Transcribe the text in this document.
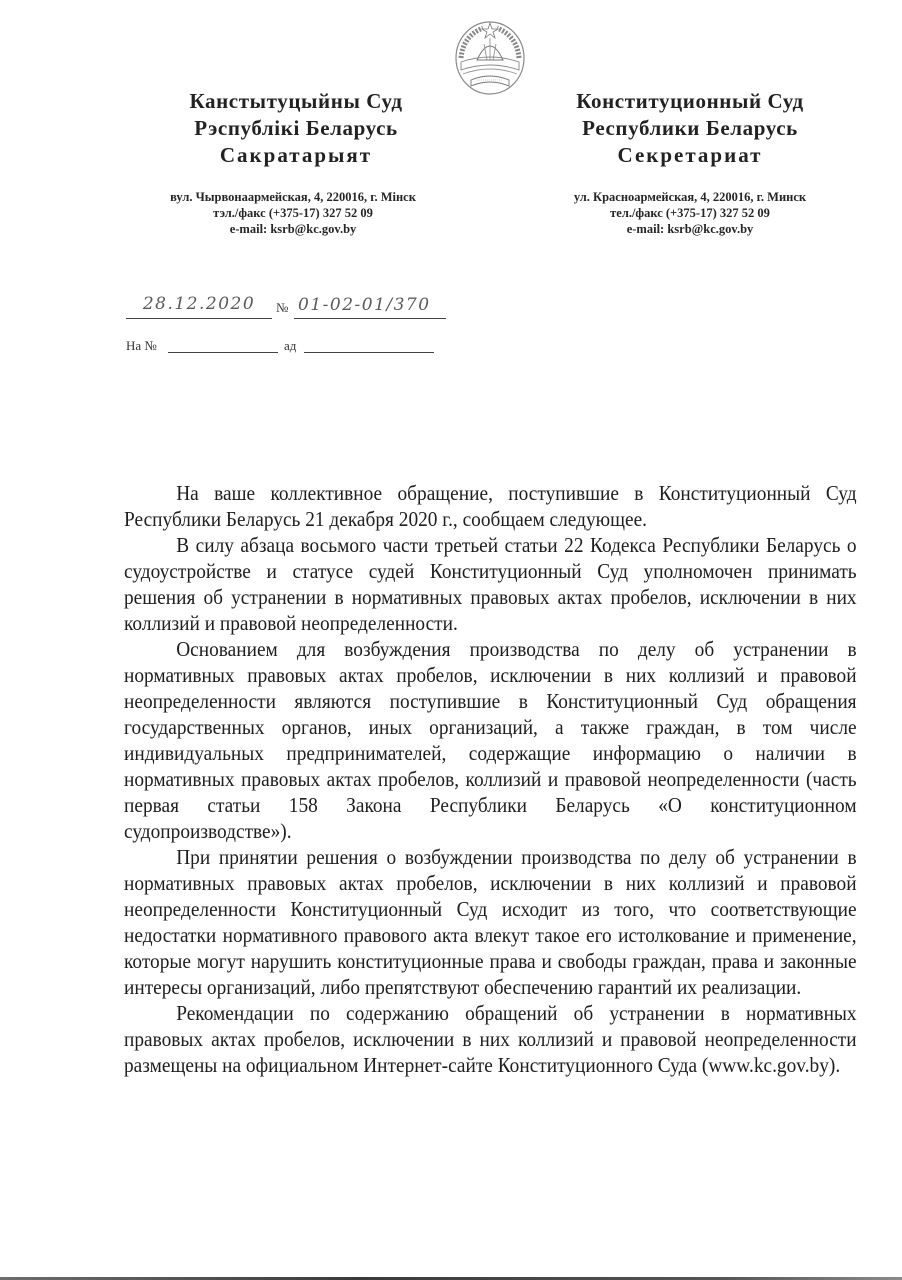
Канстытуцыйны Суд
Рэспублікі Беларусь
Сакратарыят
вул. Чырвонаармейская, 4, 220016, г. Мінск
тэл./факс (+375-17) 327 52 09
e-mail: ksrb@kc.gov.by
Конституционный Суд
Республики Беларусь
Секретариат
ул. Красноармейская, 4, 220016, г. Минск
тел./факс (+375-17) 327 52 09
e-mail: ksrb@kc.gov.by
28.12.2020	№ 01-02-01/370
На №	ад

На ваше коллективное обращение, поступившие в Конституционный Суд Республики Беларусь 21 декабря 2020 г., сообщаем следующее.

В силу абзаца восьмого части третьей статьи 22 Кодекса Республики Беларусь о судоустройстве и статусе судей Конституционный Суд уполномочен принимать решения об устранении в нормативных правовых актах пробелов, исключении в них коллизий и правовой неопределенности.

Основанием для возбуждения производства по делу об устранении в нормативных правовых актах пробелов, исключении в них коллизий и правовой неопределенности являются поступившие в Конституционный Суд обращения государственных органов, иных организаций, а также граждан, в том числе индивидуальных предпринимателей, содержащие информацию о наличии в нормативных правовых актах пробелов, коллизий и правовой неопределенности (часть первая статьи 158 Закона Республики Беларусь «О конституционном судопроизводстве»).

При принятии решения о возбуждении производства по делу об устранении в нормативных правовых актах пробелов, исключении в них коллизий и правовой неопределенности Конституционный Суд исходит из того, что соответствующие недостатки нормативного правового акта влекут такое его истолкование и применение, которые могут нарушить конституционные права и свободы граждан, права и законные интересы организаций, либо препятствуют обеспечению гарантий их реализации.

Рекомендации по содержанию обращений об устранении в нормативных правовых актах пробелов, исключении в них коллизий и правовой неопределенности размещены на официальном Интернет-сайте Конституционного Суда (www.kc.gov.by).
